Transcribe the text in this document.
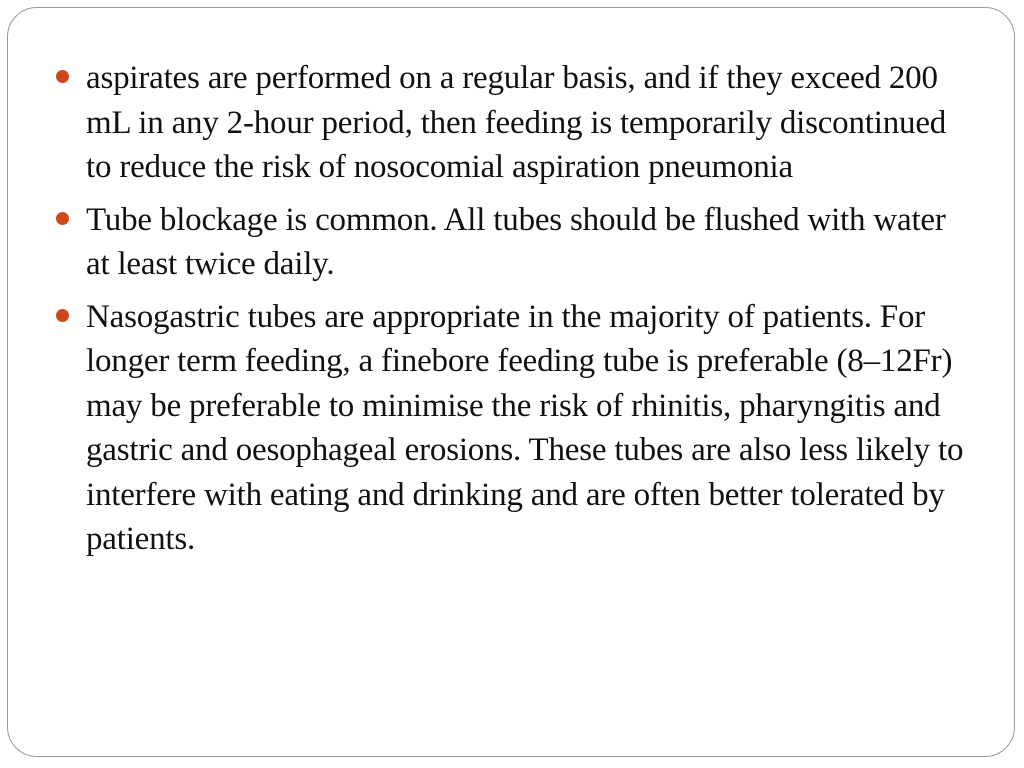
aspirates are performed on a regular basis, and if they exceed 200 mL in any 2-hour period, then feeding is temporarily discontinued to reduce the risk of nosocomial aspiration pneumonia
Tube blockage is common. All tubes should be flushed with water at least twice daily.
Nasogastric tubes are appropriate in the majority of patients. For longer term feeding, a finebore feeding tube is preferable (8–12Fr) may be preferable to minimise the risk of rhinitis, pharyngitis and gastric and oesophageal erosions. These tubes are also less likely to interfere with eating and drinking and are often better tolerated by patients.
